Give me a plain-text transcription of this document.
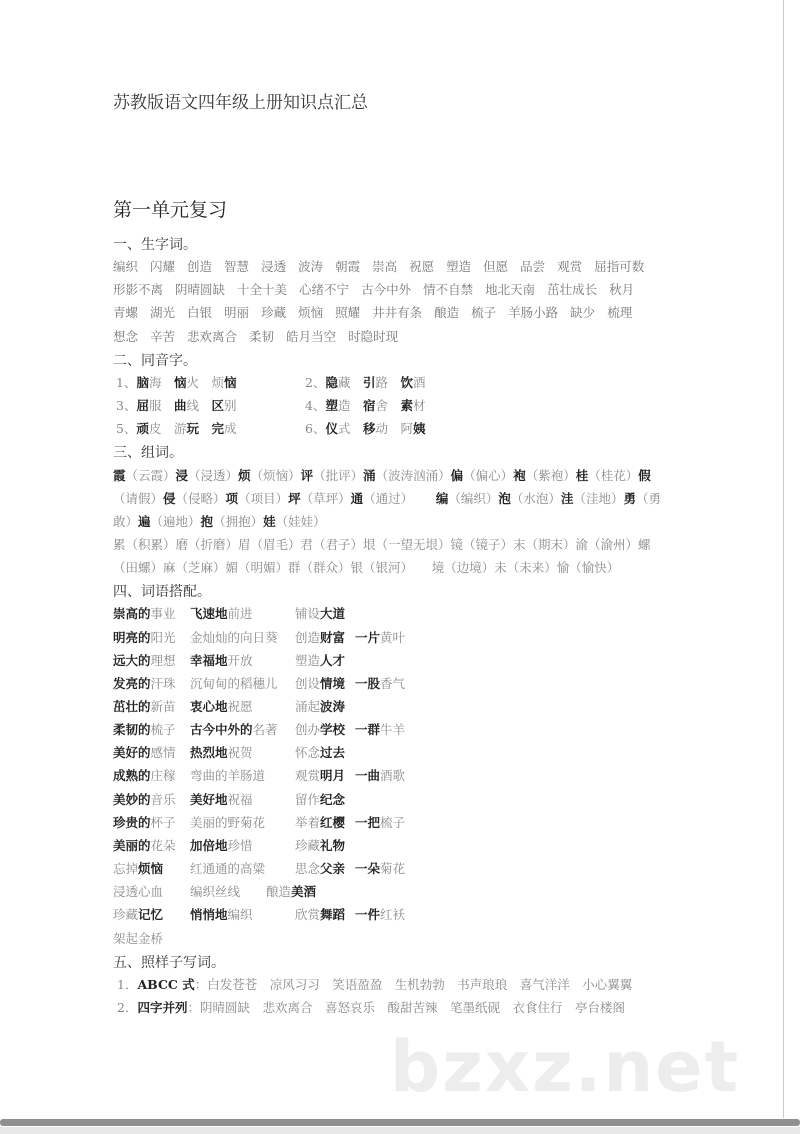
bzxz.net
苏教版语文四年级上册知识点汇总
第一单元复习
一、生字词。
编织 闪耀 创造 智慧 浸透 波涛 朝霞 崇高 祝愿 塑造 但愿 品尝 观赏 屈指可数
形影不离 阴晴圆缺 十全十美 心绪不宁 古今中外 情不自禁 地北天南 茁壮成长 秋月
青螺 湖光 白银 明丽 珍藏 烦恼 照耀 井井有条 酿造 梳子 羊肠小路 缺少 梳理
想念 辛苦 悲欢离合 柔韧 皓月当空 时隐时现
二、同音字。
1、脑海　恼火　烦恼	2、隐藏　引路　饮酒
3、屈服　曲线　区别	4、塑造　宿舍　素材
5、顽皮　游玩　 完成	6、仪式　移动　阿姨
三、组词。
霞（云霞）浸（浸透）烦（烦恼）评（批评）涌（波涛汹涌）偏（偏心）袍（紫袍）桂（桂花）假
（请假）侵（侵略）项（项目）坪（草坪）通（通过）　　 编（编织）泡（水泡）洼（洼地）勇（勇
敢）遍（遍地）抱（拥抱）娃（娃娃）
累（积累）磨（折磨）眉（眉毛）君（君子）垠（一望无垠）镜（镜子）末（期末）渝（渝州）螺
（田螺）麻（芝麻）媚（明媚）群（群众）银（银河）　　境（边境）未（未来）愉（愉快）
四、词语搭配。
崇高的事业 飞速地前进	铺设大道
明亮的阳光 金灿灿的向日葵 创造财富 一片黄叶
远大的理想 幸福地开放	塑造人才
发亮的汗珠 沉甸甸的稻穗儿 创设情境 一股香气
茁壮的新苗 衷心地祝愿	涌起波涛
柔韧的梳子 古今中外的名著 创办学校 一群牛羊
美好的感情 热烈地祝贺	怀念过去
成熟的庄稼 弯曲的羊肠道 观赏明月 一曲酒歌
美妙的音乐 美好地祝福	留作纪念
珍贵的杯子 美丽的野菊花 举着红樱 一把梳子
美丽的花朵 加倍地珍惜	珍藏礼物
忘掉烦恼 红通通的高粱 思念父亲 一朵菊花
浸透心血 编织丝线 酿造美酒
珍藏记忆 悄悄地编织	欣赏舞蹈 一件红袄
架起金桥
五、照样子写词。
1．ABCC 式：白发苍苍　凉风习习　笑语盈盈　生机勃勃　书声琅琅　喜气洋洋　小心翼翼
2．四字并列：阴晴圆缺　悲欢离合　喜怒哀乐　酸甜苦辣　笔墨纸砚　衣食住行　亭台楼阁
